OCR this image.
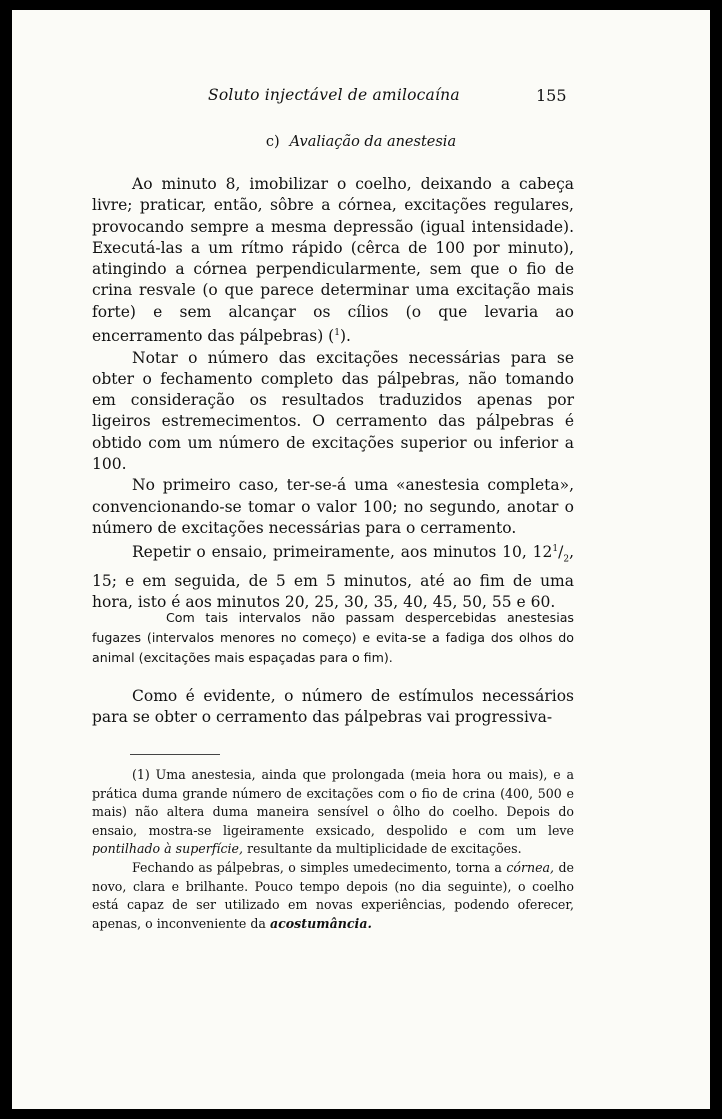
Soluto injectável de amilocaína	155
c) Avaliação da anestesia

Ao minuto 8, imobilizar o coelho, deixando a cabeça livre; praticar, então, sôbre a córnea, excitações regulares, provocando sempre a mesma depressão (igual intensidade). Executá-las a um rítmo rápido (cêrca de 100 por minuto), atingindo a córnea perpendicularmente, sem que o fio de crina resvale (o que parece determinar uma excitação mais forte) e sem alcançar os cílios (o que levaria ao encerramento das pálpebras) ($^1$).

Notar o número das excitações necessárias para se obter o fechamento completo das pálpebras, não tomando em consideração os resultados traduzidos apenas por ligeiros estremecimentos. O cerramento das pálpebras é obtido com um número de excitações superior ou inferior a 100.

No primeiro caso, ter-se-á uma «anestesia completa», convencionando-se tomar o valor 100; no segundo, anotar o número de excitações necessárias para o cerramento.

Repetir o ensaio, primeiramente, aos minutos 10, $12^1/_2$, 15; e em seguida, de 5 em 5 minutos, até ao fim de uma hora, isto é aos minutos 20, 25, 30, 35, 40, 45, 50, 55 e 60.

Com tais intervalos não passam despercebidas anestesias fugazes (intervalos menores no começo) e evita-se a fadiga dos olhos do animal (excitações mais espaçadas para o fim).

Como é evidente, o número de estímulos necessários para se obter o cerramento das pálpebras vai progressiva-

(1) Uma anestesia, ainda que prolongada (meia hora ou mais), e a prática duma grande número de excitações com o fio de crina (400, 500 e mais) não altera duma maneira sensível o ôlho do coelho. Depois do ensaio, mostra-se ligeiramente exsicado, despolido e com um leve pontilhado à superfície, resultante da multiplicidade de excitações.

Fechando as pálpebras, o simples umedecimento, torna a córnea, de novo, clara e brilhante. Pouco tempo depois (no dia seguinte), o coelho está capaz de ser utilizado em novas experiências, podendo oferecer, apenas, o inconveniente da acostumância.
